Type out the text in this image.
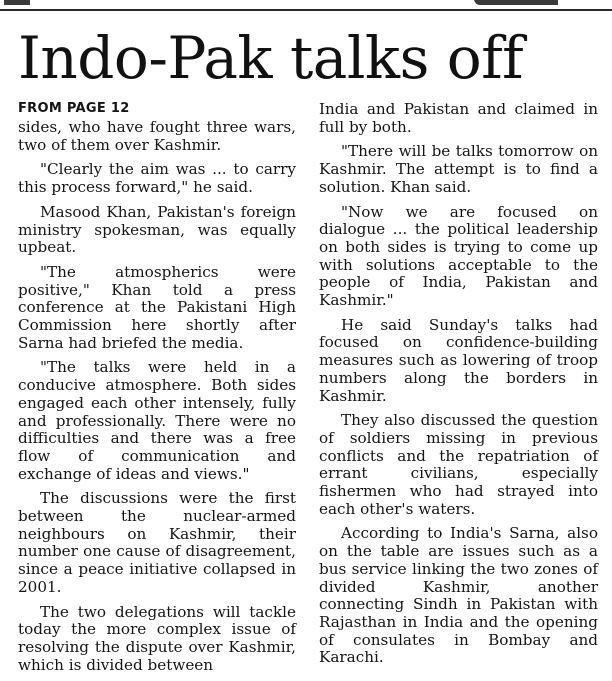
Indo-Pak talks off
FROM PAGE 12

sides, who have fought three wars, two of them over Kashmir.

"Clearly the aim was ... to carry this process forward," he said.

Masood Khan, Pakistan's foreign ministry spokesman, was equally upbeat.

"The atmospherics were positive," Khan told a press conference at the Pakistani High Commission here shortly after Sarna had briefed the media.

"The talks were held in a conducive atmosphere. Both sides engaged each other intensely, fully and professionally. There were no difficulties and there was a free flow of communication and exchange of ideas and views."

The discussions were the first between the nuclear-armed neighbours on Kashmir, their number one cause of disagreement, since a peace initiative collapsed in 2001.

The two delegations will tackle today the more complex issue of resolving the dispute over Kashmir, which is divided between

India and Pakistan and claimed in full by both.

"There will be talks tomorrow on Kashmir. The attempt is to find a solution. Khan said.

"Now we are focused on dialogue ... the political leadership on both sides is trying to come up with solutions acceptable to the people of India, Pakistan and Kashmir."

He said Sunday's talks had focused on confidence-building measures such as lowering of troop numbers along the borders in Kashmir.

They also discussed the question of soldiers missing in previous conflicts and the repatriation of errant civilians, especially fishermen who had strayed into each other's waters.

According to India's Sarna, also on the table are issues such as a bus service linking the two zones of divided Kashmir, another connecting Sindh in Pakistan with Rajasthan in India and the opening of consulates in Bombay and Karachi.
